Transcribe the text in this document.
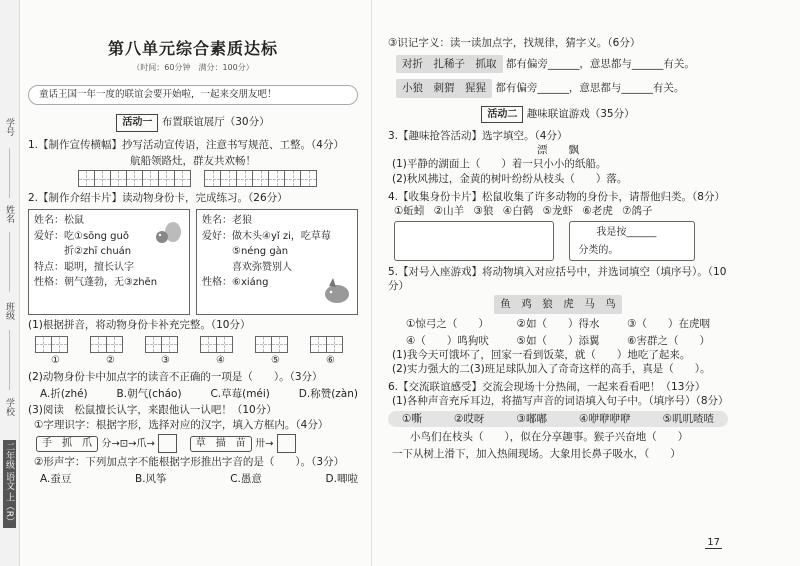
学号
姓名
班级
学校
二年级 语文 上（R）
第八单元综合素质达标
（时间：60分钟　满分：100分）
童话王国一年一度的联谊会要开始啦，一起来交朋友吧！
活动一 布置联谊展厅（30分）
1.【制作宣传横幅】抄写活动宣传语，注意书写规范、工整。（4分）
航船领路灶，群友共欢畅！

2.【制作介绍卡片】读动物身份卡，完成练习。（26分）
姓名：松鼠
爱好：吃①sōng guǒ
　折②zhī chuán
特点：聪明，擅长认字
性格：朝气蓬勃，无③zhēn
姓名：老狼
爱好：做木头④yǐ zi，吃草莓
　⑤néng gàn
　喜欢弥赞别人
性格：⑥xiáng
(1)根据拼音，将动物身份卡补充完整。（10分）
①	②	③	④	⑤	⑥
(2)动物身份卡中加点字的读音不正确的一项是（　　）。（3分）
A.折(zhé)	B.朝气(cháo)	C.草莓(méi)	D.称赞(zàn)
(3)阅读　松鼠擅长认字，来跟他认一认吧！（10分）
①字理识字：根据字形，选择对应的汉字，填入方框内。（4分）
手　抓　爪 分→⊡→爪→	草　描　苗 卅→
②形声字：下列加点字不能根据字形推出字音的是（　　）。（3分）
A.蚕豆	B.风筝	C.愚意	D.唧啦
③识记字义：读一读加点字，找规律，猜字义。（6分）
对折　扎稀子　抓取 都有偏旁______，意思都与______有关。
小狼　刺猬　猩猩 都有偏旁______，意思都与______有关。
活动二 趣味联谊游戏（35分）
3.【趣味抢答活动】选字填空。（4分）
漂　　飘
(1)平静的湖面上（　　）着一只小小的纸船。
(2)秋风拂过，金黄的树叶纷纷从枝头（　　）落。
4.【收集身份卡片】松鼠收集了许多动物的身份卡，请帮他归类。（8分）
①蚯蚓 ②山羊 ③狼 ④白鹤 ⑤龙虾 ⑥老虎 ⑦鸽子

我是按______
分类的。
5.【对号入座游戏】将动物填入对应括号中，并选词填空（填序号）。（10分）
鱼　鸡　狼　虎　马　鸟
①惊弓之（　　）	②如（　　）得水	③（　　）在虎咽
④（　　）鸣狗吠	⑤如（　　）添翼	⑥害群之（　　）
(1)我今天可饿坏了，回家一看到饭菜，就（　　）地吃了起来。
(2)实力强大的二(3)班足球队加入了奇奇这样的高手，真是（　　）。
6.【交流联谊感受】交流会现场十分热闹，一起来看看吧！（13分）
(1)各种声音充斥耳边，将描写声音的词语填入句子中。（填序号）（8分）
①嘶	②哎呀	③嘟嘟	④咿咿咿咿	⑤叽叽喳喳
小鸟们在枝头（　　），似在分享趣事。猴子兴奋地（　　）
一下从树上滑下，加入热闹现场。大象用长鼻子吸水，（　　）
17
